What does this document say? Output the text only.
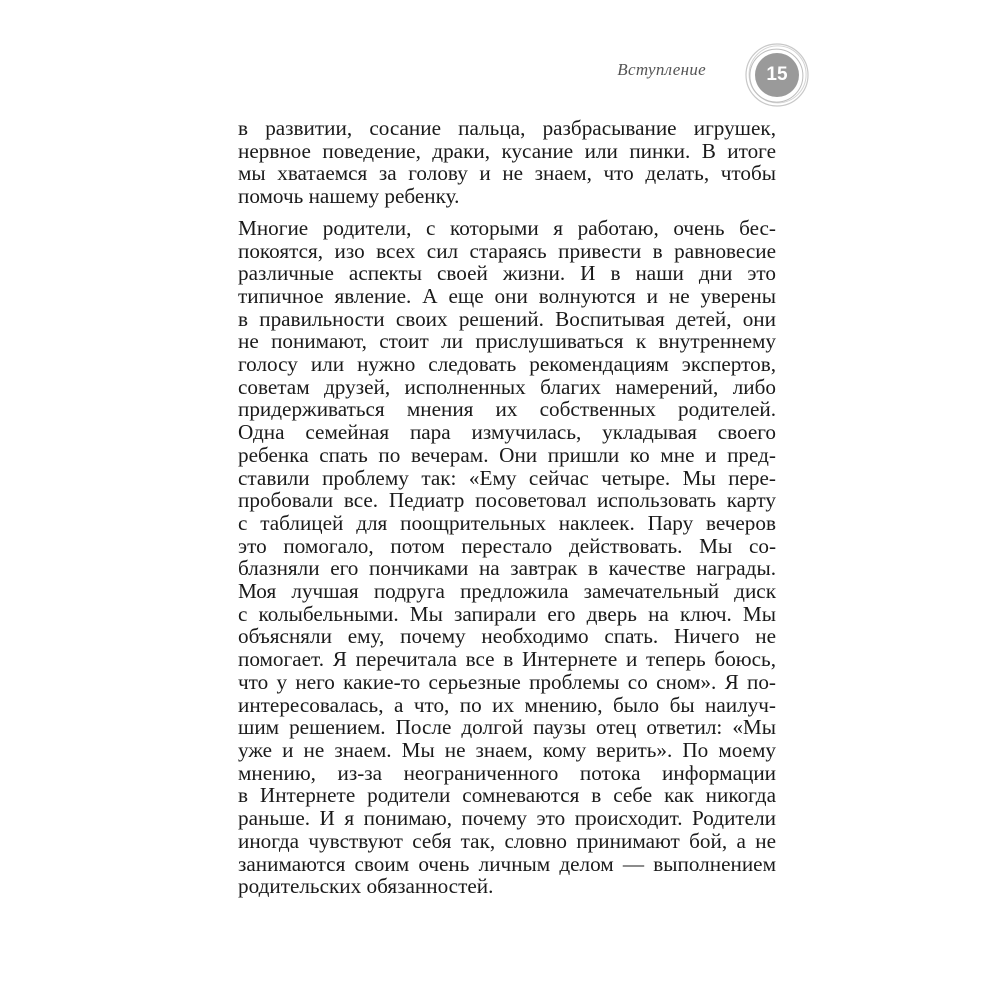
Вступление	15

в развитии, сосание пальца, разбрасывание игрушек,
нервное поведение, драки, кусание или пинки. В итоге
мы хватаемся за голову и не знаем, что делать, чтобы
помочь нашему ребенку.

Многие родители, с которыми я работаю, очень бес-
покоятся, изо всех сил стараясь привести в равновесие
различные аспекты своей жизни. И в наши дни это
типичное явление. А еще они волнуются и не уверены
в правильности своих решений. Воспитывая детей, они
не понимают, стоит ли прислушиваться к внутреннему
голосу или нужно следовать рекомендациям экспертов,
советам друзей, исполненных благих намерений, либо
придерживаться мнения их собственных родителей.
Одна семейная пара измучилась, укладывая своего
ребенка спать по вечерам. Они пришли ко мне и пред-
ставили проблему так: «Ему сейчас четыре. Мы пере-
пробовали все. Педиатр посоветовал использовать карту
с таблицей для поощрительных наклеек. Пару вечеров
это помогало, потом перестало действовать. Мы со-
блазняли его пончиками на завтрак в качестве награды.
Моя лучшая подруга предложила замечательный диск
с колыбельными. Мы запирали его дверь на ключ. Мы
объясняли ему, почему необходимо спать. Ничего не
помогает. Я перечитала все в Интернете и теперь боюсь,
что у него какие-то серьезные проблемы со сном». Я по-
интересовалась, а что, по их мнению, было бы наилуч-
шим решением. После долгой паузы отец ответил: «Мы
уже и не знаем. Мы не знаем, кому верить». По моему
мнению, из-за неограниченного потока информации
в Интернете родители сомневаются в себе как никогда
раньше. И я понимаю, почему это происходит. Родители
иногда чувствуют себя так, словно принимают бой, а не
занимаются своим очень личным делом — выполнением
родительских обязанностей.
